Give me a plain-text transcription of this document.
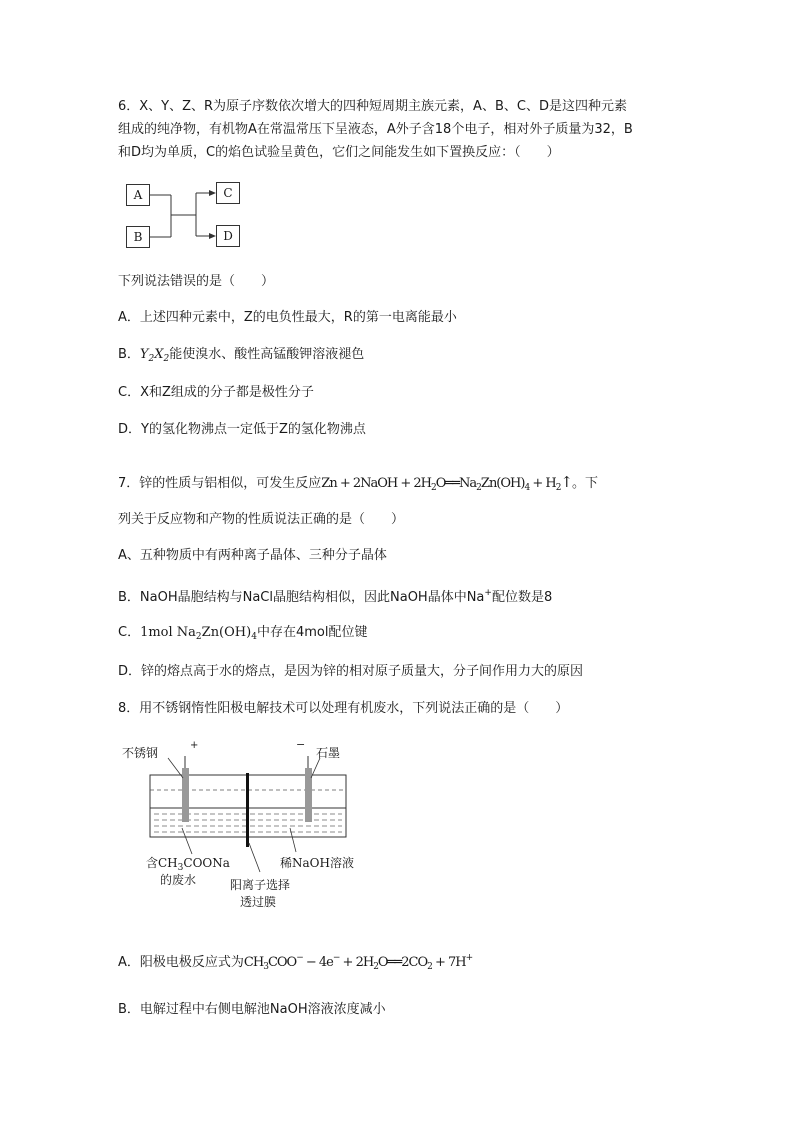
6．X、Y、Z、R为原子序数依次增大的四种短周期主族元素，A、B、C、D是这四种元素
组成的纯净物，有机物A在常温常压下呈液态，A外子含18个电子，相对外子质量为32，B
和D均为单质，C的焰色试验呈黄色，它们之间能发生如下置换反应：（　　）
A
B
C
D
下列说法错误的是（　　）
A．上述四种元素中，Z的电负性最大，R的第一电离能最小
B．$Y_2X_2$能使溴水、酸性高锰酸钾溶液褪色
C．X和Z组成的分子都是极性分子
D．Y的氢化物沸点一定低于Z的氢化物沸点
7．锌的性质与铝相似，可发生反应Zn + 2NaOH + $2H_2O══Na_2Zn(OH)_4$ + $H_2↑$。下
列关于反应物和产物的性质说法正确的是（　　）
A、五种物质中有两种离子晶体、三种分子晶体
B．NaOH晶胞结构与NaCl晶胞结构相似，因此NaOH晶体中Na+配位数是8
C．1mol $Na_2Zn(OH)_4$中存在4mol配位键
D．锌的熔点高于水的熔点，是因为锌的相对原子质量大，分子间作用力大的原因
8．用不锈钢惰性阳极电解技术可以处理有机废水，下列说法正确的是（　　）
不锈钢
+	−
石墨
含$CH_3COONa$
的废水	阳离子选择
透过膜
稀NaOH溶液
A．阳极电极反应式为$CH_3COO^- - 4e^-$ + $2H_2O══2CO_2 + 7H^+$
B．电解过程中右侧电解池NaOH溶液浓度减小
